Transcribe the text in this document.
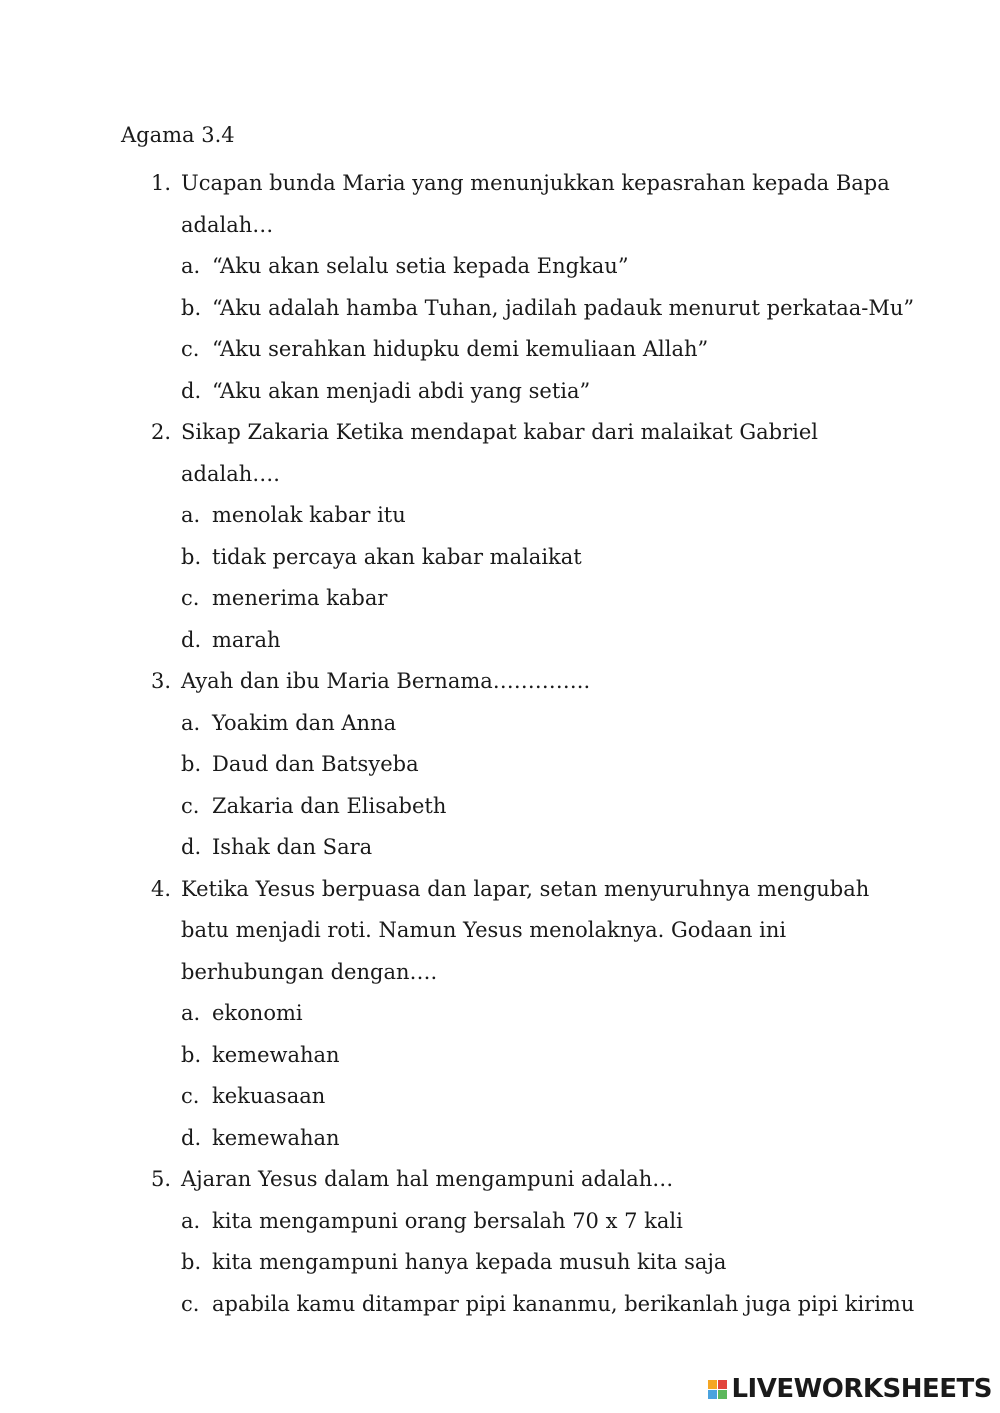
Agama 3.4
1. Ucapan bunda Maria yang menunjukkan kepasrahan kepada Bapa adalah…
a. “Aku akan selalu setia kepada Engkau”
b. “Aku adalah hamba Tuhan, jadilah padauk menurut perkataa-Mu”
c. “Aku serahkan hidupku demi kemuliaan Allah”
d. “Aku akan menjadi abdi yang setia”
2. Sikap Zakaria Ketika mendapat kabar dari malaikat Gabriel adalah….
a. menolak kabar itu
b. tidak percaya akan kabar malaikat
c. menerima kabar
d. marah
3. Ayah dan ibu Maria Bernama…………..
a. Yoakim dan Anna
b. Daud dan Batsyeba
c. Zakaria dan Elisabeth
d. Ishak dan Sara
4. Ketika Yesus berpuasa dan lapar, setan menyuruhnya mengubah batu menjadi roti. Namun Yesus menolaknya. Godaan ini berhubungan dengan….
a. ekonomi
b. kemewahan
c. kekuasaan
d. kemewahan
5. Ajaran Yesus dalam hal mengampuni adalah…
a. kita mengampuni orang bersalah 70 x 7 kali
b. kita mengampuni hanya kepada musuh kita saja
c. apabila kamu ditampar pipi kananmu, berikanlah juga pipi kirimu
LIVEWORKSHEETS
